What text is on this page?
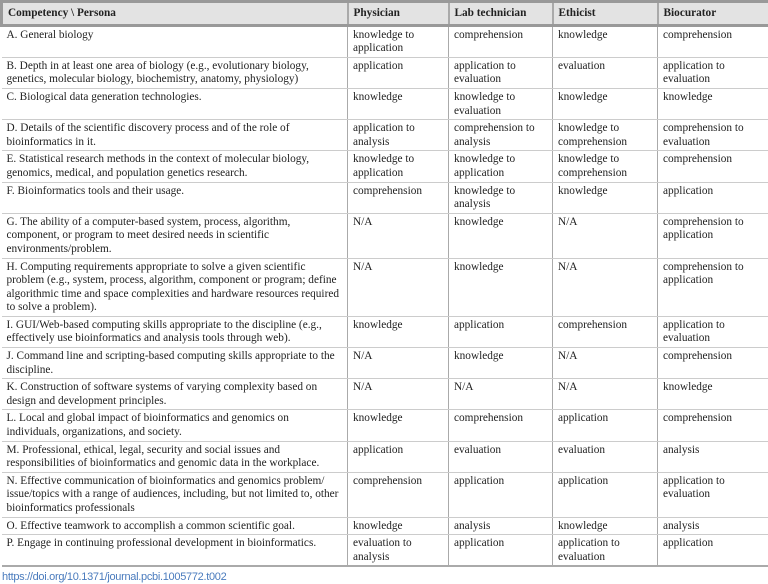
Competency \ Persona	Physician	Lab technician	Ethicist	Biocurator
A. General biology	knowledge to application	comprehension	knowledge	comprehension
B. Depth in at least one area of biology (e.g., evolutionary biology, genetics, molecular biology, biochemistry, anatomy, physiology)	application	application to evaluation	evaluation	application to evaluation
C. Biological data generation technologies.	knowledge	knowledge to evaluation	knowledge	knowledge
D. Details of the scientific discovery process and of the role of bioinformatics in it.	application to analysis	comprehension to analysis	knowledge to comprehension	comprehension to evaluation
E. Statistical research methods in the context of molecular biology, genomics, medical, and population genetics research.	knowledge to application	knowledge to application	knowledge to comprehension	comprehension
F. Bioinformatics tools and their usage.	comprehension	knowledge to analysis	knowledge	application
G. The ability of a computer-based system, process, algorithm, component, or program to meet desired needs in scientific environments/problem.	N/A	knowledge	N/A	comprehension to application
H. Computing requirements appropriate to solve a given scientific problem (e.g., system, process, algorithm, component or program; define algorithmic time and space complexities and hardware resources required to solve a problem).	N/A	knowledge	N/A	comprehension to application
I. GUI/Web-based computing skills appropriate to the discipline (e.g., effectively use bioinformatics and analysis tools through web).	knowledge	application	comprehension	application to evaluation
J. Command line and scripting-based computing skills appropriate to the discipline.	N/A	knowledge	N/A	comprehension
K. Construction of software systems of varying complexity based on design and development principles.	N/A	N/A	N/A	knowledge
L. Local and global impact of bioinformatics and genomics on individuals, organizations, and society.	knowledge	comprehension	application	comprehension
M. Professional, ethical, legal, security and social issues and responsibilities of bioinformatics and genomic data in the workplace.	application	evaluation	evaluation	analysis
N. Effective communication of bioinformatics and genomics problem/ issue/topics with a range of audiences, including, but not limited to, other bioinformatics professionals	comprehension	application	application	application to evaluation
O. Effective teamwork to accomplish a common scientific goal.	knowledge	analysis	knowledge	analysis
P. Engage in continuing professional development in bioinformatics.	evaluation to analysis	application	application to evaluation	application
https://doi.org/10.1371/journal.pcbi.1005772.t002
